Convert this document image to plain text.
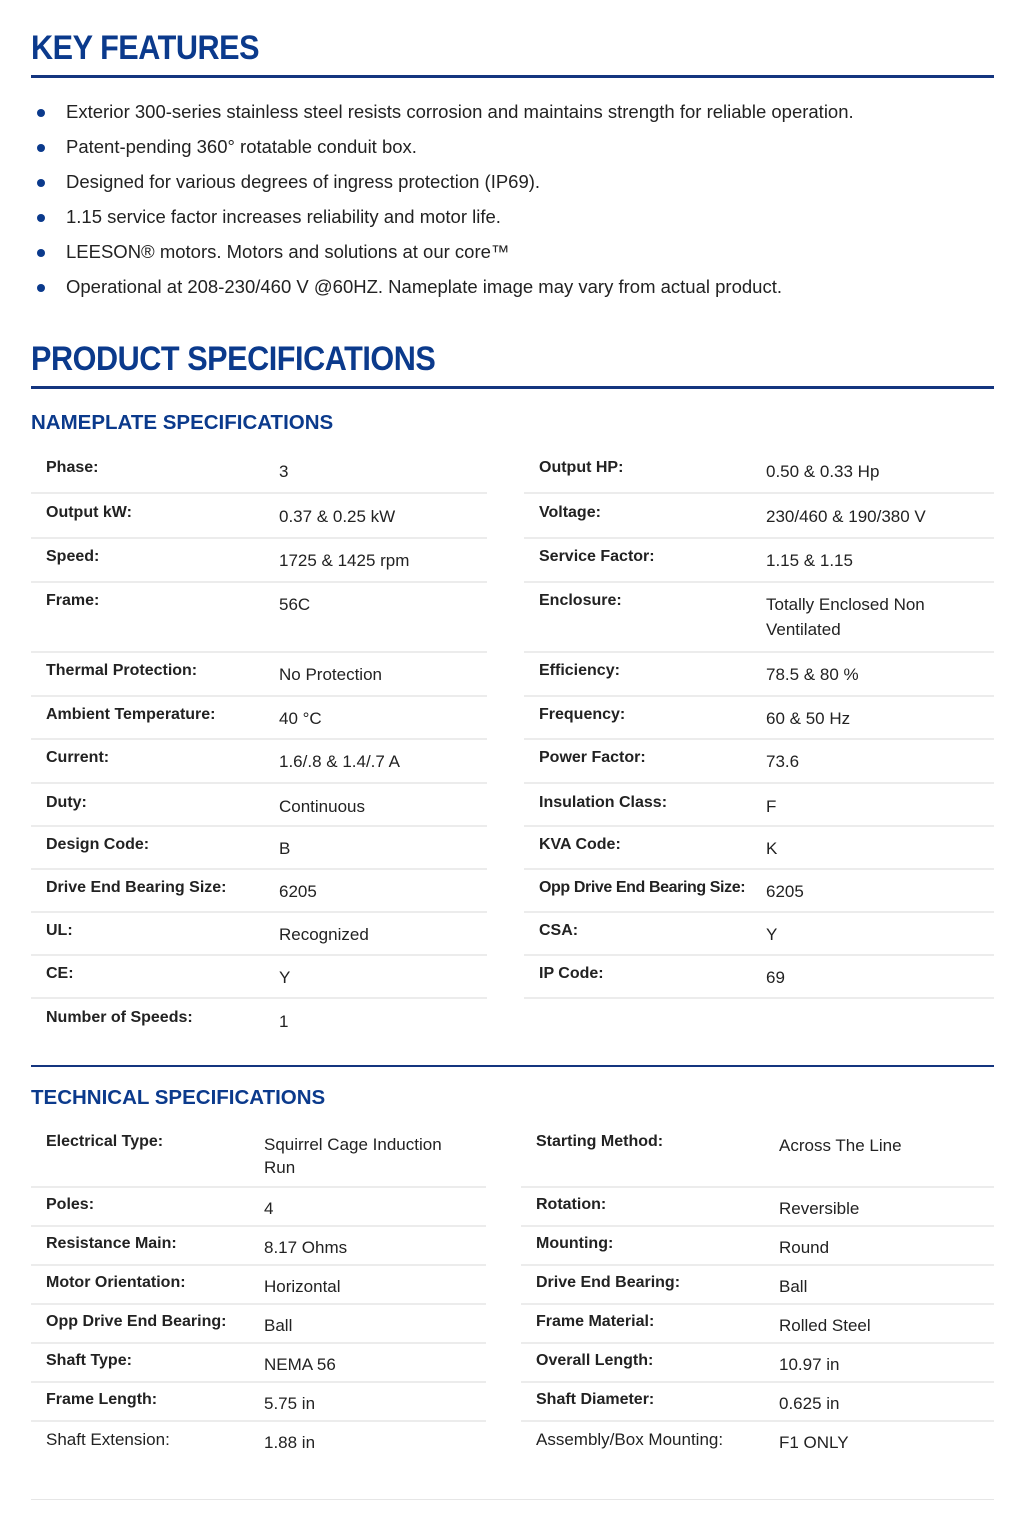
KEY FEATURES
Exterior 300-series stainless steel resists corrosion and maintains strength for reliable operation.
Patent-pending 360° rotatable conduit box.
Designed for various degrees of ingress protection (IP69).
1.15 service factor increases reliability and motor life.
LEESON® motors. Motors and solutions at our core™
Operational at 208-230/460 V @60HZ. Nameplate image may vary from actual product.
PRODUCT SPECIFICATIONS
NAMEPLATE SPECIFICATIONS
Phase:	3
Output kW:	0.37 & 0.25 kW
Speed:	1725 & 1425 rpm
Frame:	56C
Thermal Protection:	No Protection
Ambient Temperature:	40 °C
Current:	1.6/.8 & 1.4/.7 A
Duty:	Continuous
Design Code:	B
Drive End Bearing Size:	6205
UL:	Recognized
CE:	Y
Number of Speeds:	1
Output HP:	0.50 & 0.33 Hp
Voltage:	230/460 & 190/380 V
Service Factor:	1.15 & 1.15
Enclosure:	Totally Enclosed Non Ventilated
Efficiency:	78.5 & 80 %
Frequency:	60 & 50 Hz
Power Factor:	73.6
Insulation Class:	F
KVA Code:	K
Opp Drive End Bearing Size:	6205
CSA:	Y
IP Code:	69
TECHNICAL SPECIFICATIONS
Electrical Type:	Squirrel Cage Induction Run
Poles:	4
Resistance Main:	8.17 Ohms
Motor Orientation:	Horizontal
Opp Drive End Bearing:	Ball
Shaft Type:	NEMA 56
Frame Length:	5.75 in
Shaft Extension:	1.88 in
Starting Method:	Across The Line
Rotation:	Reversible
Mounting:	Round
Drive End Bearing:	Ball
Frame Material:	Rolled Steel
Overall Length:	10.97 in
Shaft Diameter:	0.625 in
Assembly/Box Mounting:	F1 ONLY
